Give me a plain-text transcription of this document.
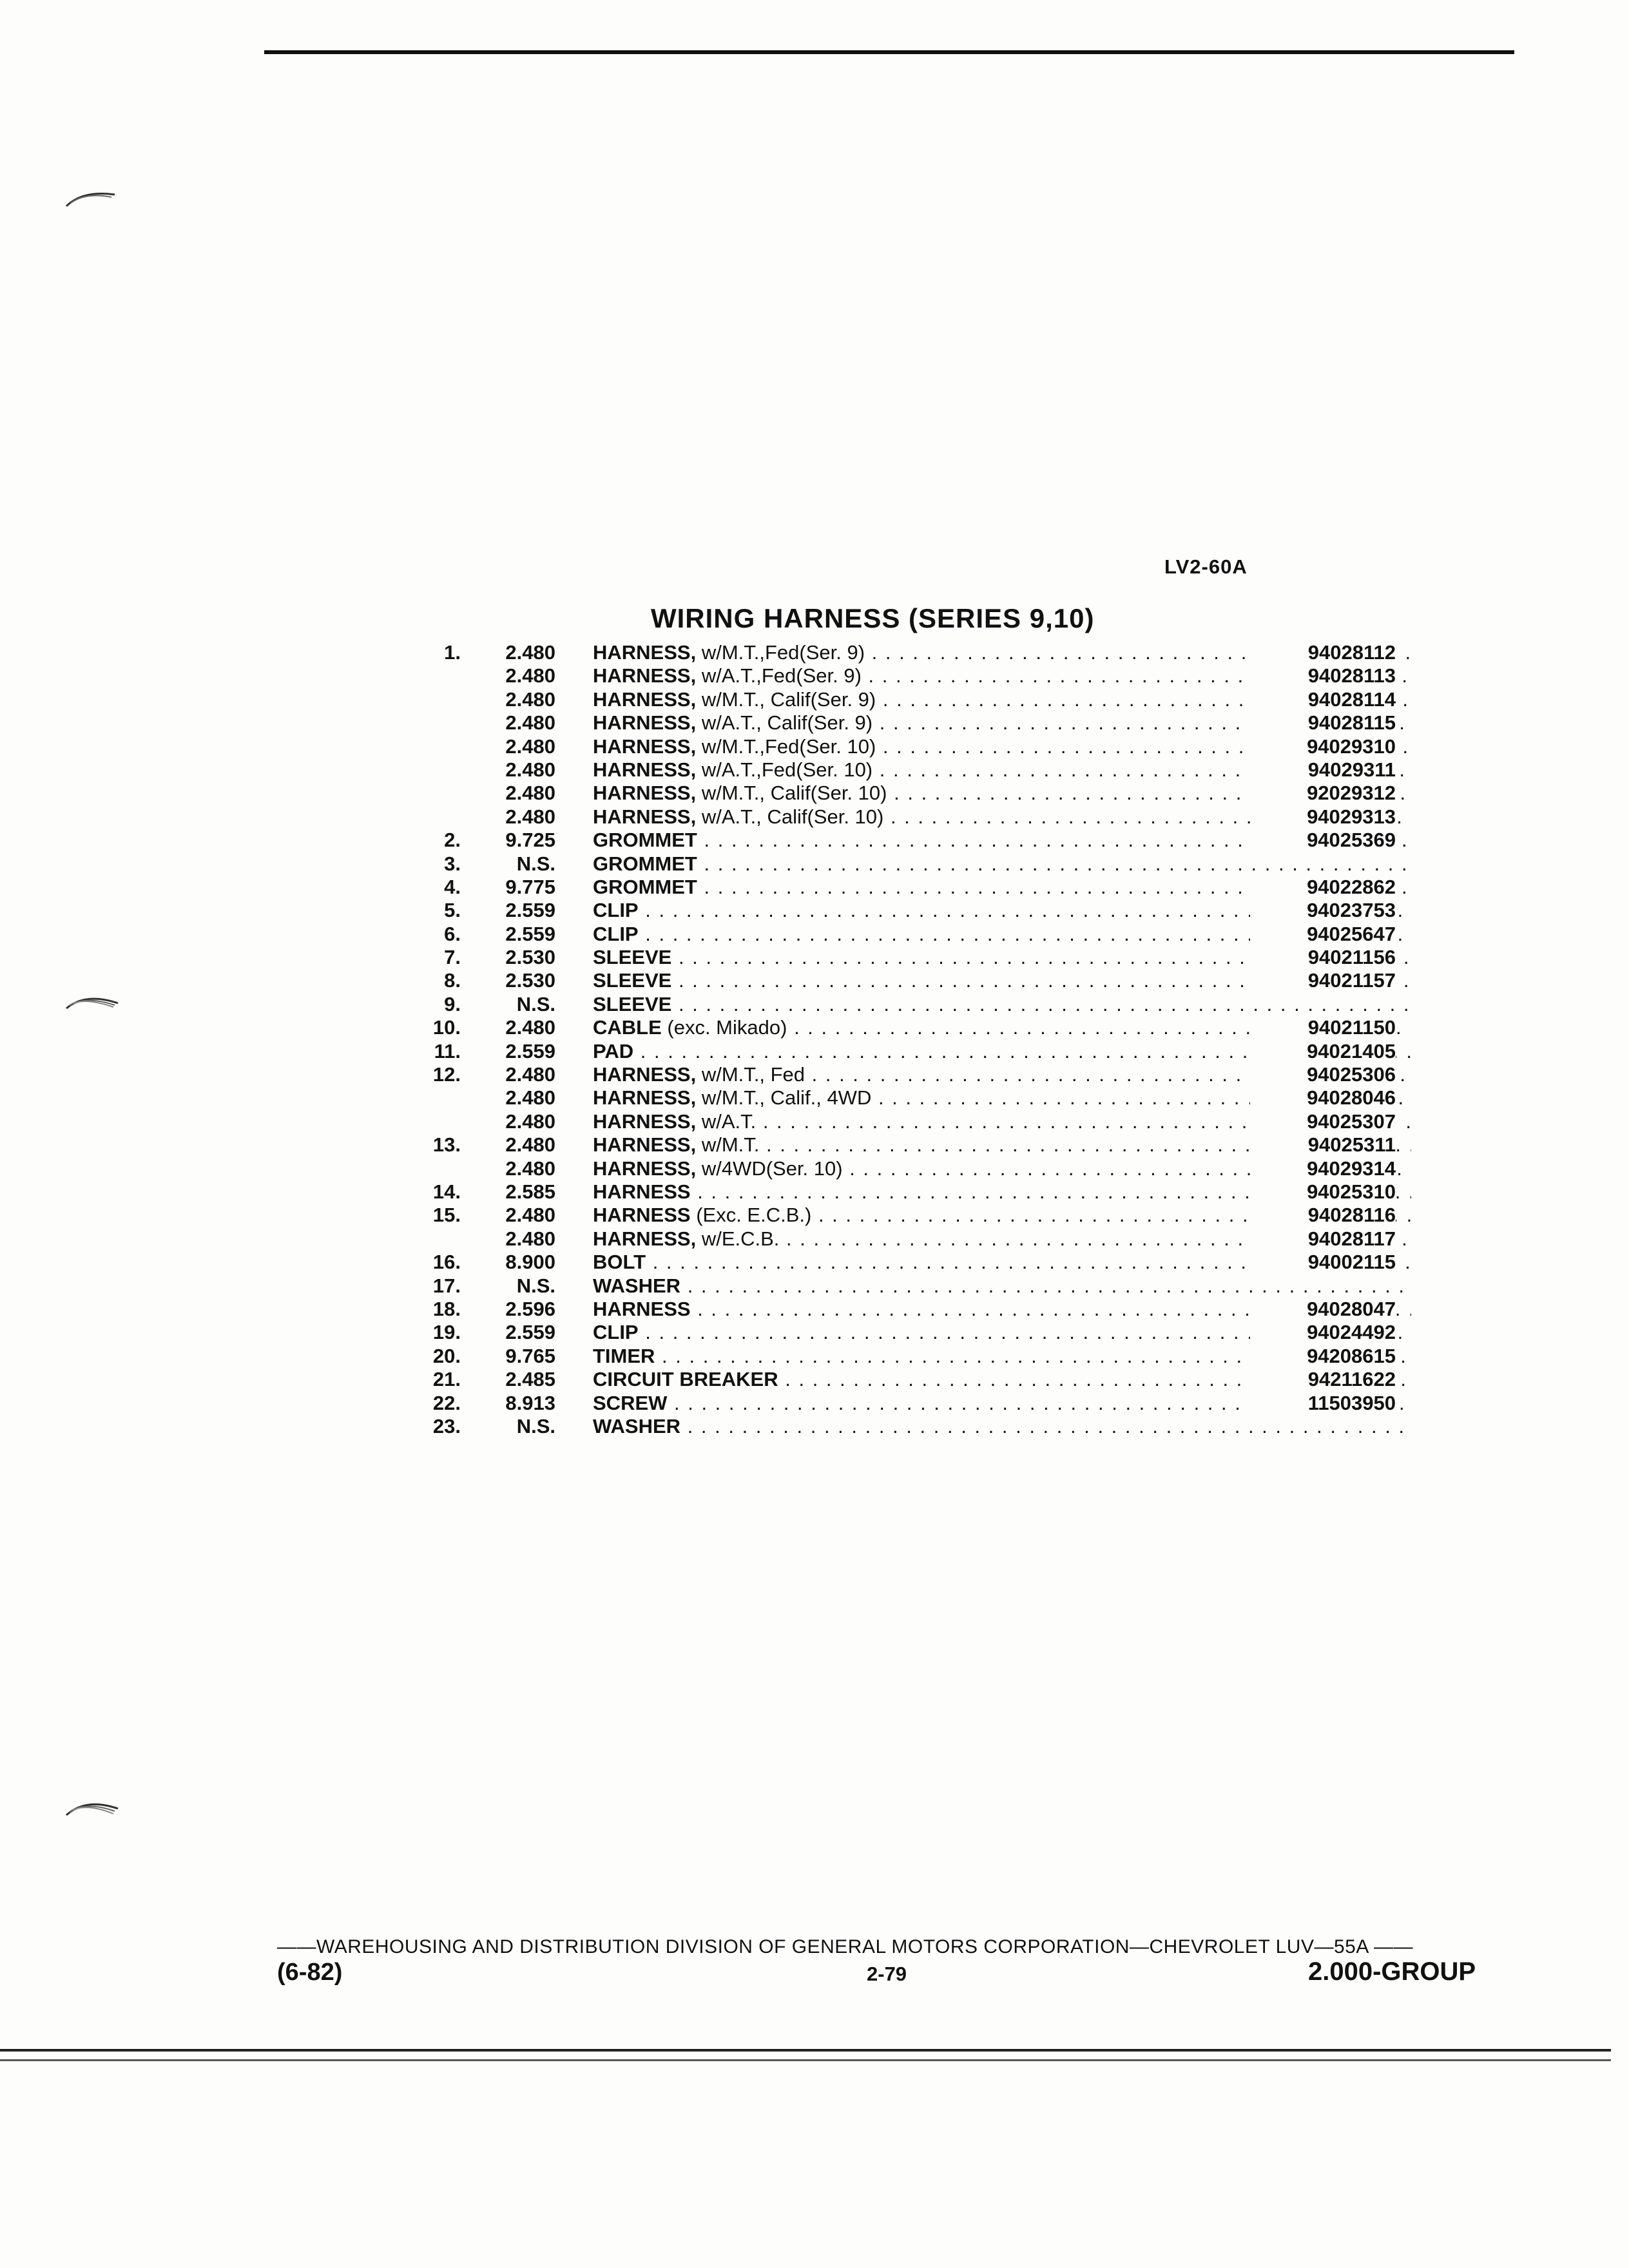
LV2-60A
WIRING HARNESS (SERIES 9,10)
1.	2.480 HARNESS, w/M.T.,Fed(Ser. 9) . . .	94028112
2.480 HARNESS, w/A.T.,Fed(Ser. 9) . . .	94028113
2.480 HARNESS, w/M.T., Calif(Ser. 9) . . .	94028114
2.480 HARNESS, w/A.T., Calif(Ser. 9) . . .	94028115
2.480 HARNESS, w/M.T.,Fed(Ser. 10) . . .	94029310
2.480 HARNESS, w/A.T.,Fed(Ser. 10) . . .	94029311
2.480 HARNESS, w/M.T., Calif(Ser. 10) . . .	92029312
2.480 HARNESS, w/A.T., Calif(Ser. 10) . . .	94029313
2.	9.725 GROMMET . . .	94025369
3.	N.S. GROMMET . . .
4.	9.775 GROMMET . . .	94022862
5.	2.559 CLIP . . .	94023753
6.	2.559 CLIP . . .	94025647
7.	2.530 SLEEVE . . .	94021156
8.	2.530 SLEEVE . . .	94021157
9.	N.S. SLEEVE . . .
10.	2.480 CABLE (exc. Mikado) . . .	94021150
11.	2.559 PAD . . .	94021405
12.	2.480 HARNESS, w/M.T., Fed . . .	94025306
2.480 HARNESS, w/M.T., Calif., 4WD . . .	94028046
2.480 HARNESS, w/A.T. . . .	94025307
13.	2.480 HARNESS, w/M.T. . . .	94025311
2.480 HARNESS, w/4WD(Ser. 10) . . .	94029314
14.	2.585 HARNESS . . .	94025310
15.	2.480 HARNESS (Exc. E.C.B.) . . .	94028116
2.480 HARNESS, w/E.C.B. . . .	94028117
16.	8.900 BOLT . . .	94002115
17.	N.S. WASHER . . .
18.	2.596 HARNESS . . .	94028047
19.	2.559 CLIP . . .	94024492
20.	9.765 TIMER . . .	94208615
21.	2.485 CIRCUIT BREAKER . . .	94211622
22.	8.913 SCREW . . .	11503950
23.	N.S. WASHER . . .
——WAREHOUSING AND DISTRIBUTION DIVISION OF GENERAL MOTORS CORPORATION—CHEVROLET LUV—55A ——
(6-82)	2-79	2.000-GROUP
